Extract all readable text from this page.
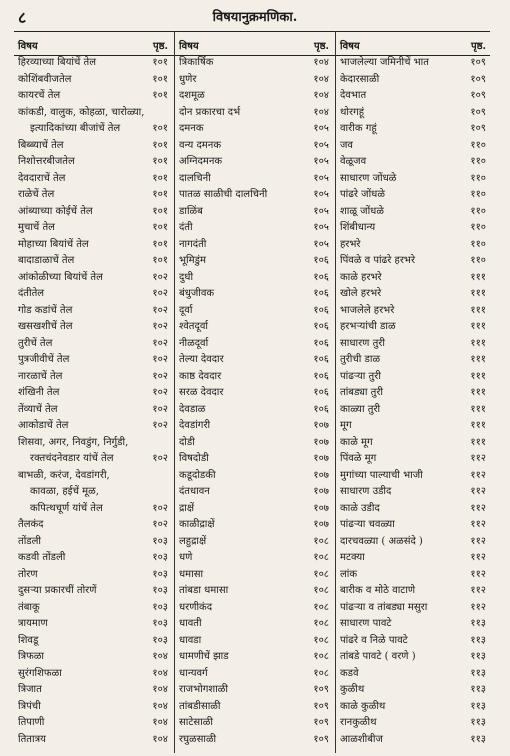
८	विषयानुक्रमणिका.
विषय	पृष्ठ. विषय	पृष्ठ. विषय	पृष्ठ.
हिरव्याच्या बियांचें तेल	१०१
कोशिंबवीजतेल	१०१
कायरचें तेल	१०१
कांकडी, वालुक, कोहळा, चारोळ्या,
इत्यादिकांच्या बीजांचें तेल	१०१
बिब्ब्याचें तेल	१०१
निशोत्तरबीजतेल	१०१
देवदाराचें तेल	१०१
राळेचें तेल	१०१
आंब्याच्या कोईचें तेल	१०१
मुचाचें तेल	१०१
मोहाच्या बियांचें तेल	१०१
बादाडाळाचें तेल	१०१
आंकोळीच्या बियांचें तेल	१०२
दंतीतेल	१०२
गोड कडांचें तेल	१०२
खसखशीचें तेल	१०२
तुरीचें तेल	१०२
पुत्रजीवीचें तेल	१०२
नारळाचें तेल	१०२
शंखिनी तेल	१०२
तेंव्याचें तेल	१०२
आकोडाचें तेल	१०२
शिसवा, अगर, निवडुंग, निर्गुडी,
रक्तचंदनेवडार यांचें तेल	१०२
बाभळी, करंज, देवडांगरी,
कावळा, हईचें मूळ,
कपित्थचूर्ण यांचें तेल	१०२
तैलकंद	१०२
तोंडली	१०३
कडवी तोंडली	१०३
तोरण	१०३
दुसऱ्या प्रकारचीं तोरणें	१०३
तंबाकू	१०३
त्रायमाण	१०३
शिवडू	१०३
त्रिफळा	१०४
सुरंगशिफळा	१०४
त्रिजात	१०४
त्रिपंची	१०४
तिपाणी	१०४
तितात्रय	१०४
त्रिकार्षिक	१०४
धुणेर	१०४
दशमूळ	१०४
दोन प्रकारचा दर्भ	१०४
दमनक	१०५
वन्य दमनक	१०५
अग्निदमनक	१०५
दालचिनी	१०५
पातळ साळीची दालचिनी	१०५
डाळिंब	१०५
दंती	१०५
नागदंती	१०५
भूमिडुंम	१०६
दुधी	१०६
बंधुजीवक	१०६
दूर्वा	१०६
श्वेतदूर्वा	१०६
नीळदूर्वा	१०६
तेल्या देवदार	१०६
काष्ठ देवदार	१०६
सरळ देवदार	१०६
देवडाळ	१०६
देवडांगरी	१०७
दोडी	१०७
विषदोडी	१०७
कडूदोडकी	१०७
दंतधावन	१०७
द्राक्षें	१०७
काळीद्राक्षें	१०७
लहुद्राक्षें	१०८
धणे	१०८
धमासा	१०८
तांबडा धमासा	१०८
धरणीकंद	१०८
धावती	१०८
धावडा	१०८
धामणीचें झाड	१०८
धान्यवर्ग	१०८
राजभोगशाळी	१०९
तांबडीसाळी	१०९
साटेसाळी	१०९
रघुळसाळी	१०९
भाजलेल्या जमिनीचें भात	१०९
केदारसाळी	१०९
देवभात	१०९
थोरगहूं	१०९
वारीक गहूं	१०९
जव	११०
वेळूजव	११०
साधारण जोंधळे	११०
पांढरे जोंधळे	११०
शाळू जोंधळे	११०
शिंबीधान्य	११०
हरभरे	११०
पिंवळे व पांढरे हरभरे	११०
काळे हरभरे	१११
खोले हरभरे	१११
भाजलेले हरभरे	१११
हरभऱ्यांची डाळ	१११
साधारण तुरी	१११
तुरीची डाळ	१११
पांढऱ्या तुरी	१११
तांबड्या तुरी	१११
काळ्या तुरी	१११
मूग	१११
काळे मूग	१११
पिंवळे मूग	११२
मुगांच्या पाल्याची भाजी	११२
साधारण उडीद	११२
काळे उडीद	११२
पांढऱ्या चवळ्या	११२
दारचवळ्या ( अळसंदे )	११२
मटक्या	११२
लांक	११२
बारीक व मोठे वाटाणे	११२
पांढऱ्या व तांबड्या मसुरा	११२
साधारण पावटे	११३
पांढरे व निळे पावटे	११३
तांबडे पावटे ( वरणे )	११३
कडवे	११३
कुळीथ	११३
काळे कुळीथ	११३
रानकुळीथ	११३
आळशीबीज	११३
